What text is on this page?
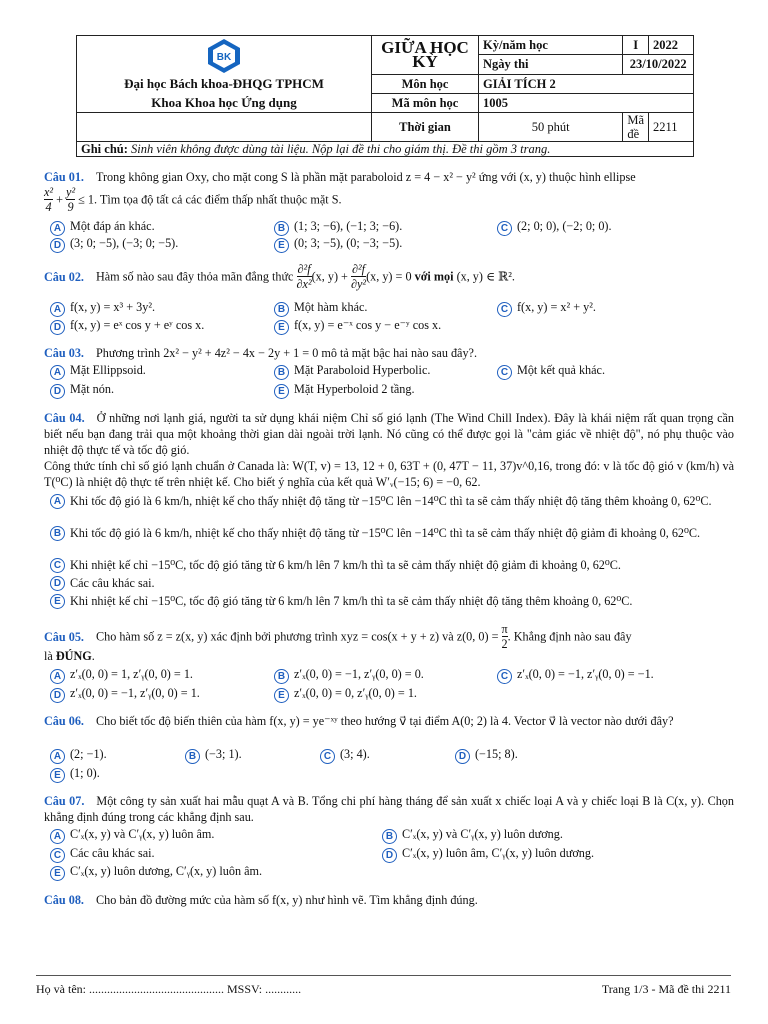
BK
Đại học Bách khoa-ĐHQG TPHCM
Khoa Khoa học Ứng dụng	GIỮA HỌC KỲ	Kỳ/năm học	I	2022
		Ngày thi	23/10/2022	
	Môn học	GIẢI TÍCH 2		
	Mã môn học	1005		
	Thời gian	50 phút	Mã đề	2211
Ghi chú: Sinh viên không được dùng tài liệu. Nộp lại đề thi cho giám thị. Đề thi gồm 3 trang.				
Câu 01. Trong không gian Oxy, cho mặt cong S là phần mặt paraboloid z = 4 − x² − y² ứng với (x, y) thuộc hình ellipse
$\frac{\text{x²}}{4} + \frac{\text{y²}}{9} \le 1$. Tìm tọa độ tất cả các điểm thấp nhất thuộc mặt S.
A Một đáp án khác.	B (1; 3; −6), (−1; 3; −6).	C (2; 0; 0), (−2; 0; 0).
D (3; 0; −5), (−3; 0; −5).	E (0; 3; −5), (0; −3; −5).
Câu 02. Hàm số nào sau đây thỏa mãn đẳng thức $\frac{\text{∂²f}}{\text{∂x²}} (x$, $y) + \frac{\text{∂²f}}{\text{∂y²}} (x$, y) = 0 với mọi (x, y) ∈ ℝ².
A f(x, y) = x³ + 3y².	B Một hàm khác.	C f(x, y) = x² + y².
D f(x, y) = eˣ cos y + eʸ cos x.	E f(x, y) = e⁻ˣ cos y − e⁻ʸ cos x.
Câu 03. Phương trình 2x² − y² + 4z² − 4x − 2y + 1 = 0 mô tả mặt bậc hai nào sau đây?.
A Mặt Ellippsoid.	B Mặt Paraboloid Hyperbolic.	C Một kết quả khác.
D Mặt nón.	E Mặt Hyperboloid 2 tầng.
Câu 04. Ở những nơi lạnh giá, người ta sử dụng khái niệm Chỉ số gió lạnh (The Wind Chill Index). Đây là khái niệm rất quan trọng cần biết nếu bạn đang trải qua một khoảng thời gian dài ngoài trời lạnh. Nó cũng có thể được gọi là "cảm giác về nhiệt độ", nó phụ thuộc vào nhiệt độ thực tế và tốc độ gió.
Công thức tính chỉ số gió lạnh chuẩn ở Canada là: W(T, v) = 13, 12 + 0, 63T + (0, 47T − 11, 37)v^0,16, trong đó: v là tốc độ gió v (km/h) và T(⁰C) là nhiệt độ thực tế trên nhiệt kế. Cho biết ý nghĩa của kết quả W′ᵥ(−15; 6) = −0, 62.
A Khi tốc độ gió là 6 km/h, nhiệt kế cho thấy nhiệt độ tăng từ −15⁰C lên −14⁰C thì ta sẽ cảm thấy nhiệt độ tăng thêm khoảng 0, 62⁰C.
B Khi tốc độ gió là 6 km/h, nhiệt kế cho thấy nhiệt độ tăng từ −15⁰C lên −14⁰C thì ta sẽ cảm thấy nhiệt độ giảm đi khoảng 0, 62⁰C.
C Khi nhiệt kế chỉ −15⁰C, tốc độ gió tăng từ 6 km/h lên 7 km/h thì ta sẽ cảm thấy nhiệt độ giảm đi khoảng 0, 62⁰C.
D Các câu khác sai.
E Khi nhiệt kế chỉ −15⁰C, tốc độ gió tăng từ 6 km/h lên 7 km/h thì ta sẽ cảm thấy nhiệt độ tăng thêm khoảng 0, 62⁰C.
Câu 05. Cho hàm số z = z(x, y) xác định bởi phương trình xyz = cos(x + y + z) và z(0, $0) = \frac{\pi}{2}$ . Khẳng định nào sau đây
là ĐÚNG.
A z′ₓ(0, 0) = 1, z′ᵧ(0, 0) = 1.	B z′ₓ(0, 0) = −1, z′ᵧ(0, 0) = 0.	C z′ₓ(0, 0) = −1, z′ᵧ(0, 0) = −1.
D z′ₓ(0, 0) = −1, z′ᵧ(0, 0) = 1.	E z′ₓ(0, 0) = 0, z′ᵧ(0, 0) = 1.
Câu 06. Cho biết tốc độ biến thiên của hàm f(x, y) = ye⁻ˣʸ theo hướng v⃗ tại điểm A(0; 2) là 4. Vector v⃗ là vector nào dưới đây?
A (2; −1).	B (−3; 1).	C (3; 4).	D (−15; 8).
E (1; 0).
Câu 07. Một công ty sản xuất hai mẫu quạt A và B. Tổng chi phí hàng tháng để sản xuất x chiếc loại A và y chiếc loại B là C(x, y). Chọn khẳng định đúng trong các khẳng định sau.
A C′ₓ(x, y) và C′ᵧ(x, y) luôn âm.	B C′ₓ(x, y) và C′ᵧ(x, y) luôn dương.
C Các câu khác sai.	D C′ₓ(x, y) luôn âm, C′ᵧ(x, y) luôn dương.
E C′ₓ(x, y) luôn dương, C′ᵧ(x, y) luôn âm.
Câu 08. Cho bản đồ đường mức của hàm số f(x, y) như hình vẽ. Tìm khẳng định đúng.
Họ và tên: ............................................. MSSV: ............	Trang 1/3 - Mã đề thi 2211
